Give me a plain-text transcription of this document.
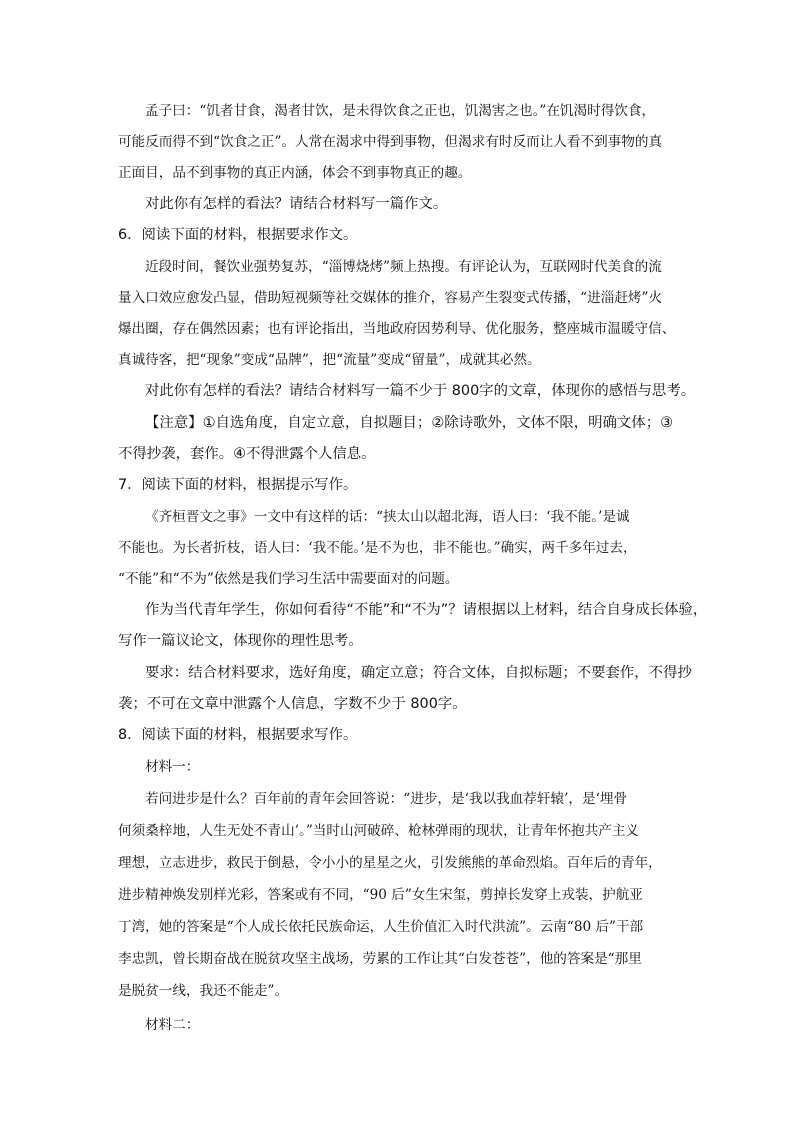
孟子曰：“饥者甘食，渴者甘饮，是未得饮食之正也，饥渴害之也。”在饥渴时得饮食，
可能反而得不到“饮食之正”。人常在渴求中得到事物，但渴求有时反而让人看不到事物的真
正面目，品不到事物的真正内涵，体会不到事物真正的趣。
对此你有怎样的看法？请结合材料写一篇作文。
6．阅读下面的材料，根据要求作文。
近段时间，餐饮业强势复苏，“淄博烧烤”频上热搜。有评论认为，互联网时代美食的流
量入口效应愈发凸显，借助短视频等社交媒体的推介，容易产生裂变式传播，“进淄赶烤”火
爆出圈，存在偶然因素；也有评论指出，当地政府因势利导、优化服务，整座城市温暖守信、
真诚待客，把“现象”变成“品牌”，把“流量”变成“留量”，成就其必然。
对此你有怎样的看法？请结合材料写一篇不少于 800字的文章，体现你的感悟与思考。
【注意】①自选角度，自定立意，自拟题目；②除诗歌外，文体不限，明确文体；③
不得抄袭，套作。④不得泄露个人信息。
7．阅读下面的材料，根据提示写作。
《齐桓晋文之事》一文中有这样的话：“挟太山以超北海，语人曰：‘我不能。’是诚
不能也。为长者折枝，语人曰：‘我不能。’是不为也，非不能也。”确实，两千多年过去，
“不能”和“不为”依然是我们学习生活中需要面对的问题。
作为当代青年学生，你如何看待“不能”和“不为”？请根据以上材料，结合自身成长体验，
写作一篇议论文，体现你的理性思考。
要求：结合材料要求，选好角度，确定立意；符合文体，自拟标题；不要套作，不得抄
袭；不可在文章中泄露个人信息，字数不少于 800字。
8．阅读下面的材料，根据要求写作。
材料一：
若问进步是什么？百年前的青年会回答说：“进步，是‘我以我血荐轩辕’，是‘埋骨
何须桑梓地，人生无处不青山’。”当时山河破碎、枪林弹雨的现状，让青年怀抱共产主义
理想，立志进步，救民于倒悬，令小小的星星之火，引发熊熊的革命烈焰。百年后的青年，
进步精神焕发别样光彩，答案或有不同，“90 后”女生宋玺，剪掉长发穿上戎装，护航亚
丁湾，她的答案是“个人成长依托民族命运，人生价值汇入时代洪流”。云南“80 后”干部
李忠凯，曾长期奋战在脱贫攻坚主战场，劳累的工作让其“白发苍苍”，他的答案是“那里
是脱贫一线，我还不能走”。
材料二：
